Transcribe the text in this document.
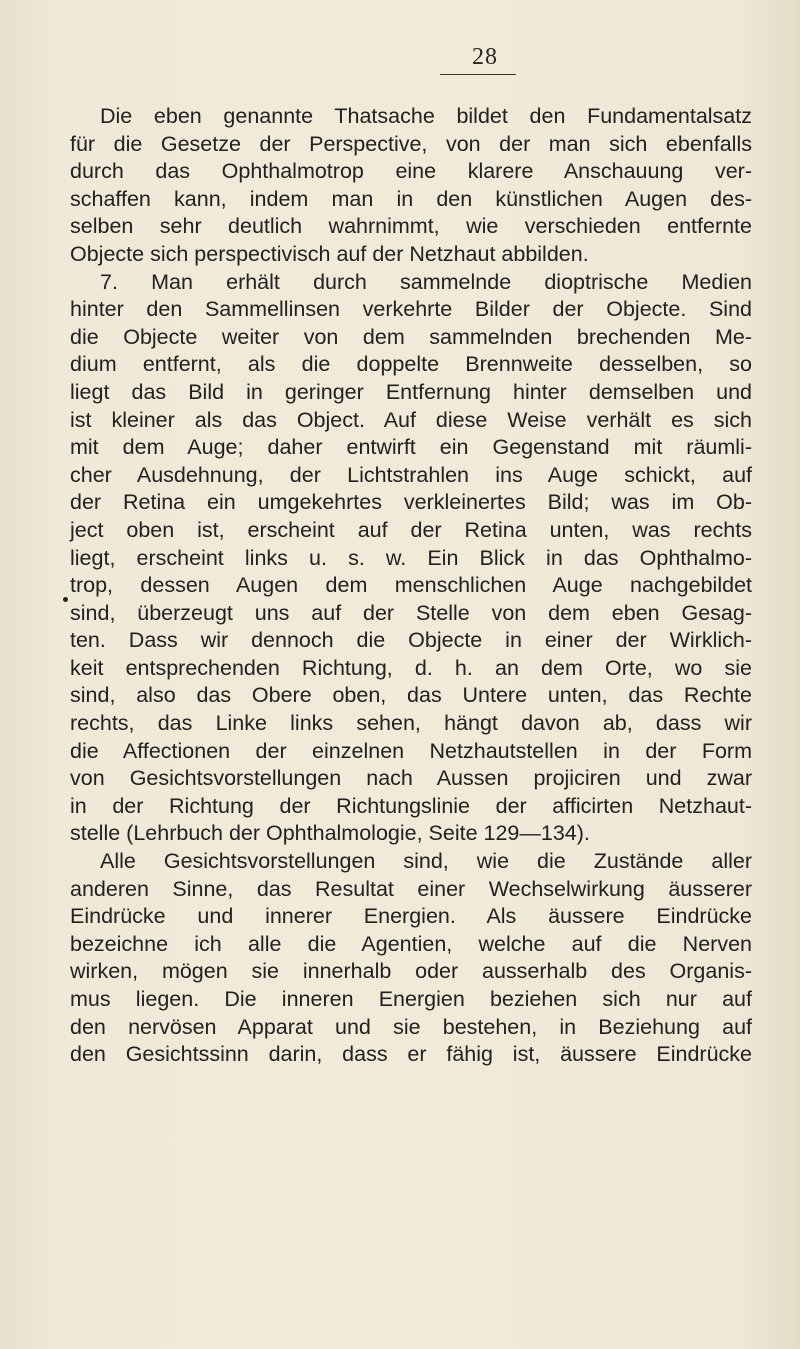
28
Die eben genannte Thatsache bildet den Fundamentalsatz
für die Gesetze der Perspective, von der man sich ebenfalls
durch das Ophthalmotrop eine klarere Anschauung ver-
schaffen kann, indem man in den künstlichen Augen des-
selben sehr deutlich wahrnimmt, wie verschieden entfernte
Objecte sich perspectivisch auf der Netzhaut abbilden.
7. Man erhält durch sammelnde dioptrische Medien
hinter den Sammellinsen verkehrte Bilder der Objecte. Sind
die Objecte weiter von dem sammelnden brechenden Me-
dium entfernt, als die doppelte Brennweite desselben, so
liegt das Bild in geringer Entfernung hinter demselben und
ist kleiner als das Object. Auf diese Weise verhält es sich
mit dem Auge; daher entwirft ein Gegenstand mit räumli-
cher Ausdehnung, der Lichtstrahlen ins Auge schickt, auf
der Retina ein umgekehrtes verkleinertes Bild; was im Ob-
ject oben ist, erscheint auf der Retina unten, was rechts
liegt, erscheint links u. s. w. Ein Blick in das Ophthalmo-
trop, dessen Augen dem menschlichen Auge nachgebildet
sind, überzeugt uns auf der Stelle von dem eben Gesag-
ten. Dass wir dennoch die Objecte in einer der Wirklich-
keit entsprechenden Richtung, d. h. an dem Orte, wo sie
sind, also das Obere oben, das Untere unten, das Rechte
rechts, das Linke links sehen, hängt davon ab, dass wir
die Affectionen der einzelnen Netzhautstellen in der Form
von Gesichtsvorstellungen nach Aussen projiciren und zwar
in der Richtung der Richtungslinie der afficirten Netzhaut-
stelle (Lehrbuch der Ophthalmologie, Seite 129—134).
Alle Gesichtsvorstellungen sind, wie die Zustände aller
anderen Sinne, das Resultat einer Wechselwirkung äusserer
Eindrücke und innerer Energien. Als äussere Eindrücke
bezeichne ich alle die Agentien, welche auf die Nerven
wirken, mögen sie innerhalb oder ausserhalb des Organis-
mus liegen. Die inneren Energien beziehen sich nur auf
den nervösen Apparat und sie bestehen, in Beziehung auf
den Gesichtssinn darin, dass er fähig ist, äussere Eindrücke
